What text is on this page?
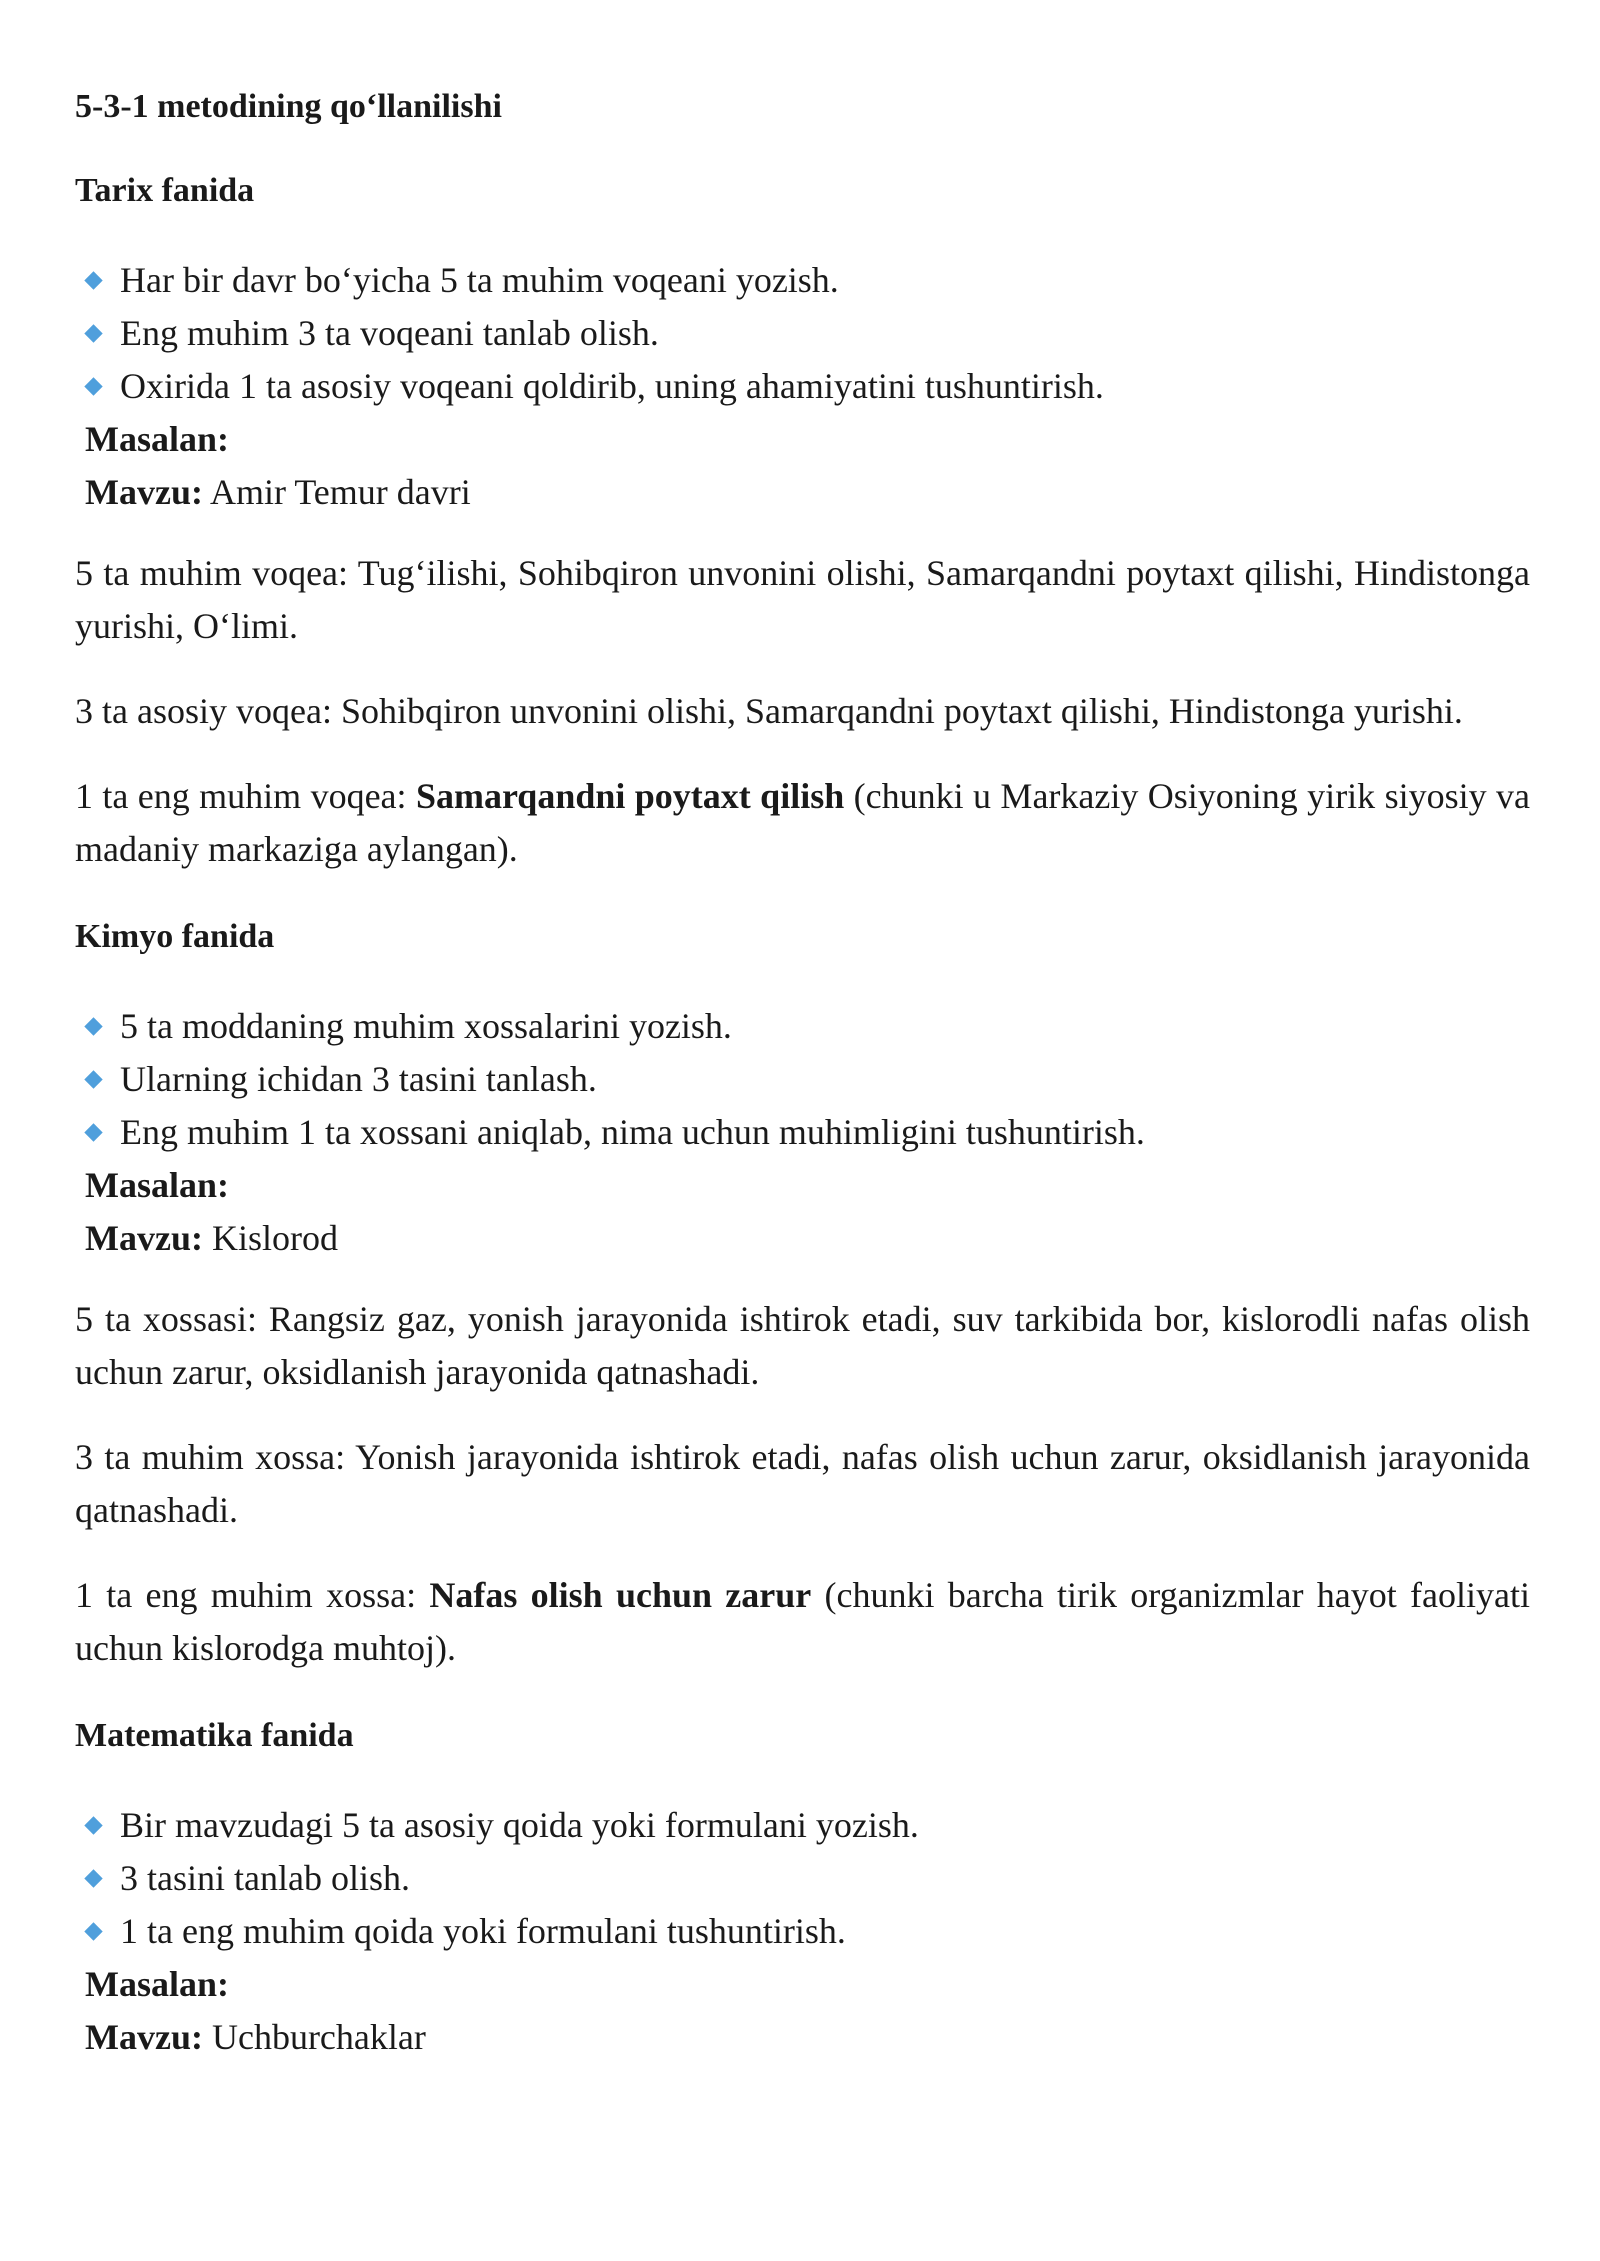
5-3-1 metodining qo‘llanilishi

Tarix fanida

Har bir davr bo‘yicha 5 ta muhim voqeani yozish.
Eng muhim 3 ta voqeani tanlab olish.
Oxirida 1 ta asosiy voqeani qoldirib, uning ahamiyatini tushuntirish.
Masalan:
Mavzu: Amir Temur davri

5 ta muhim voqea: Tug‘ilishi, Sohibqiron unvonini olishi, Samarqandni poytaxt qilishi, Hindistonga yurishi, O‘limi.

3 ta asosiy voqea: Sohibqiron unvonini olishi, Samarqandni poytaxt qilishi, Hindistonga yurishi.

1 ta eng muhim voqea: Samarqandni poytaxt qilish (chunki u Markaziy Osiyoning yirik siyosiy va madaniy markaziga aylangan).

Kimyo fanida

5 ta moddaning muhim xossalarini yozish.
Ularning ichidan 3 tasini tanlash.
Eng muhim 1 ta xossani aniqlab, nima uchun muhimligini tushuntirish.
Masalan:
Mavzu: Kislorod

5 ta xossasi: Rangsiz gaz, yonish jarayonida ishtirok etadi, suv tarkibida bor, kislorodli nafas olish uchun zarur, oksidlanish jarayonida qatnashadi.

3 ta muhim xossa: Yonish jarayonida ishtirok etadi, nafas olish uchun zarur, oksidlanish jarayonida qatnashadi.

1 ta eng muhim xossa: Nafas olish uchun zarur (chunki barcha tirik organizmlar hayot faoliyati uchun kislorodga muhtoj).

Matematika fanida

Bir mavzudagi 5 ta asosiy qoida yoki formulani yozish.
3 tasini tanlab olish.
1 ta eng muhim qoida yoki formulani tushuntirish.
Masalan:
Mavzu: Uchburchaklar
